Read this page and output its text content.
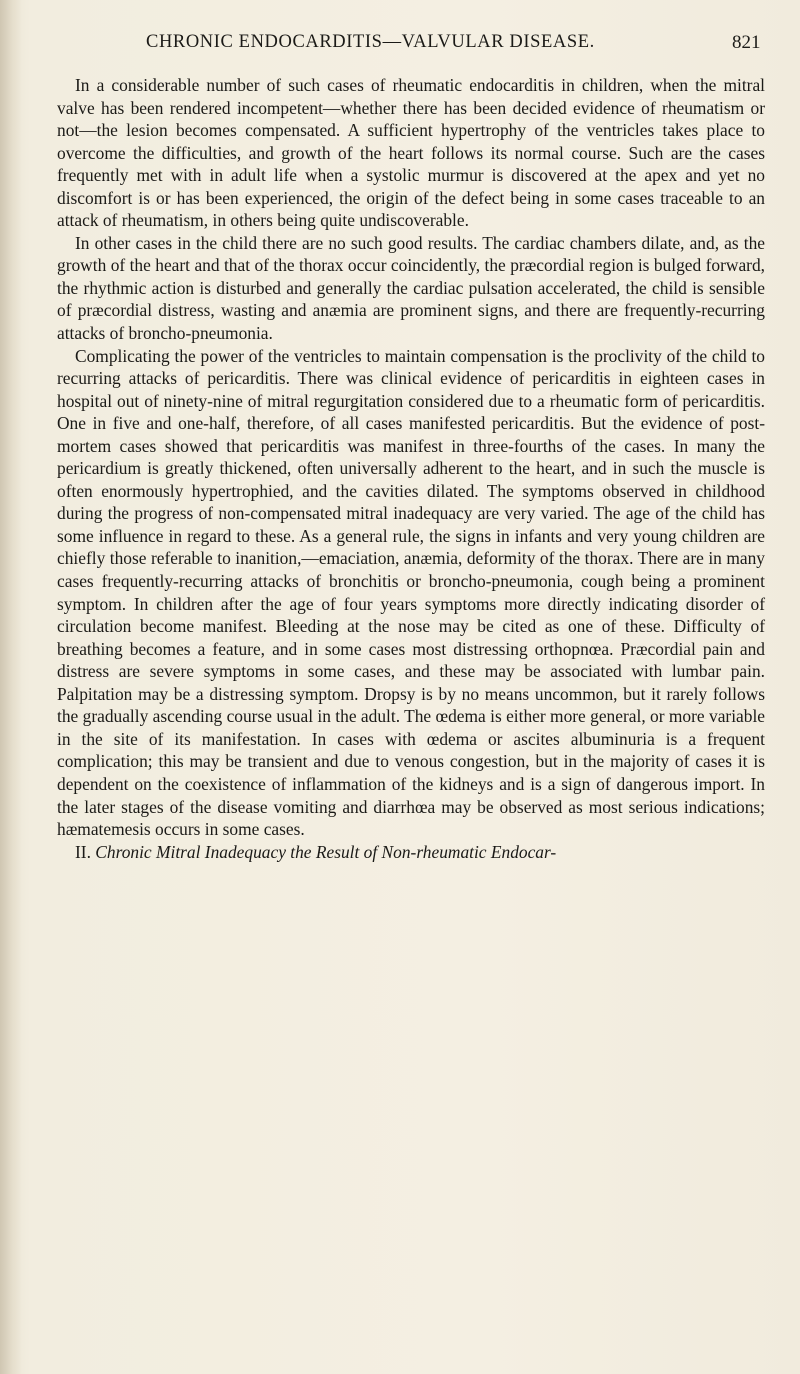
CHRONIC ENDOCARDITIS—VALVULAR DISEASE.	821

In a considerable number of such cases of rheumatic endocarditis in children, when the mitral valve has been rendered incompetent—whether there has been decided evidence of rheumatism or not—the lesion becomes compensated. A sufficient hypertrophy of the ventricles takes place to overcome the difficulties, and growth of the heart follows its normal course. Such are the cases frequently met with in adult life when a systolic murmur is discovered at the apex and yet no discomfort is or has been experienced, the origin of the defect being in some cases traceable to an attack of rheumatism, in others being quite undiscoverable.

In other cases in the child there are no such good results. The cardiac chambers dilate, and, as the growth of the heart and that of the thorax occur coincidently, the præcordial region is bulged forward, the rhythmic action is disturbed and generally the cardiac pulsation accelerated, the child is sensible of præcordial distress, wasting and anæmia are prominent signs, and there are frequently-recurring attacks of broncho-pneumonia.

Complicating the power of the ventricles to maintain compensation is the proclivity of the child to recurring attacks of pericarditis. There was clinical evidence of pericarditis in eighteen cases in hospital out of ninety-nine of mitral regurgitation considered due to a rheumatic form of pericarditis. One in five and one-half, therefore, of all cases manifested pericarditis. But the evidence of post-mortem cases showed that pericarditis was manifest in three-fourths of the cases. In many the pericardium is greatly thickened, often universally adherent to the heart, and in such the muscle is often enormously hypertrophied, and the cavities dilated. The symptoms observed in childhood during the progress of non-compensated mitral inadequacy are very varied. The age of the child has some influence in regard to these. As a general rule, the signs in infants and very young children are chiefly those referable to inanition,—emaciation, anæmia, deformity of the thorax. There are in many cases frequently-recurring attacks of bronchitis or broncho-pneumonia, cough being a prominent symptom. In children after the age of four years symptoms more directly indicating disorder of circulation become manifest. Bleeding at the nose may be cited as one of these. Difficulty of breathing becomes a feature, and in some cases most distressing orthopnœa. Præcordial pain and distress are severe symptoms in some cases, and these may be associated with lumbar pain. Palpitation may be a distressing symptom. Dropsy is by no means uncommon, but it rarely follows the gradually ascending course usual in the adult. The œdema is either more general, or more variable in the site of its manifestation. In cases with œdema or ascites albuminuria is a frequent complication; this may be transient and due to venous congestion, but in the majority of cases it is dependent on the coexistence of inflammation of the kidneys and is a sign of dangerous import. In the later stages of the disease vomiting and diarrhœa may be observed as most serious indications; hæmatemesis occurs in some cases.

II. Chronic Mitral Inadequacy the Result of Non-rheumatic Endocar-
